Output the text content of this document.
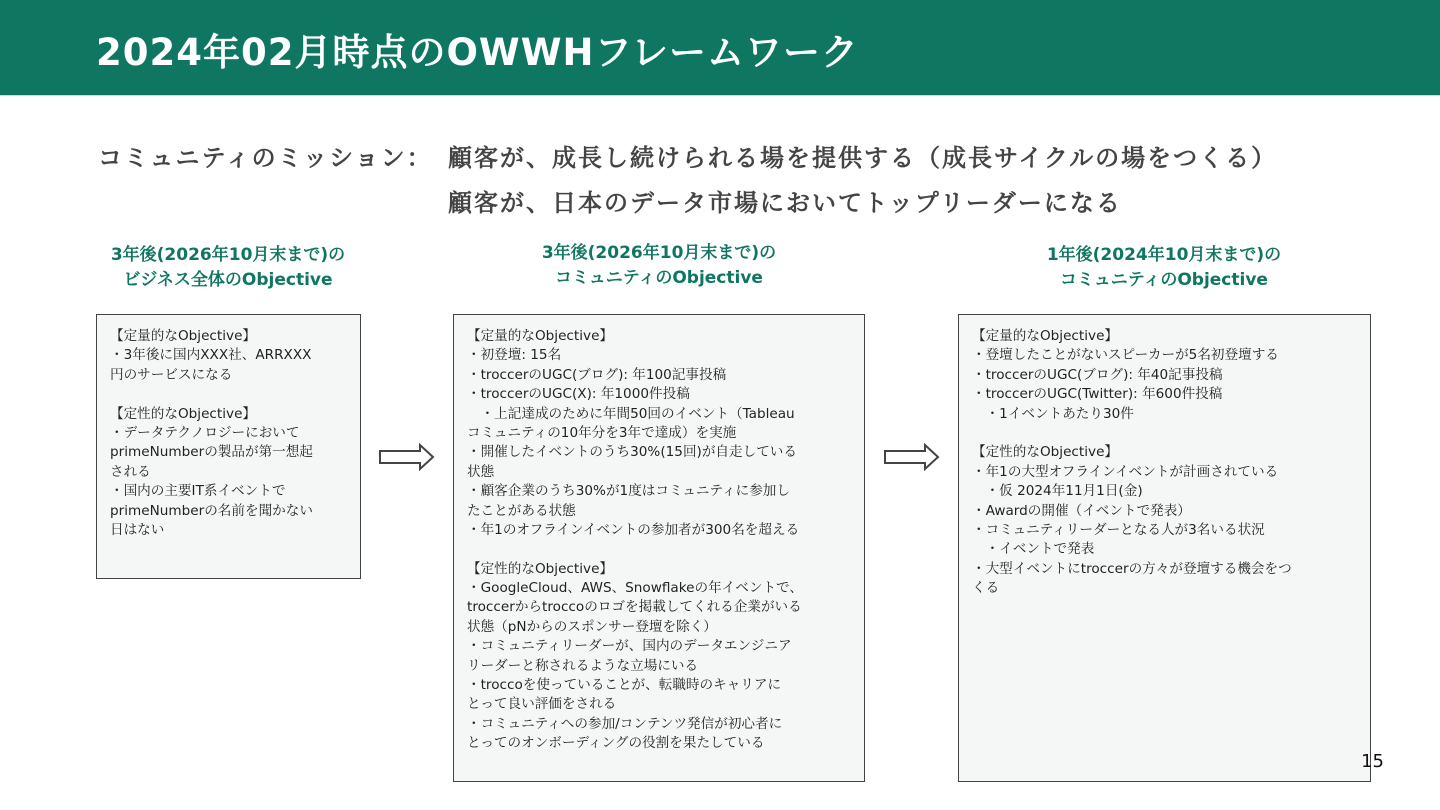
2024年02月時点のOWWHフレームワーク
コミュニティのミッション： 顧客が、成長し続けられる場を提供する（成長サイクルの場をつくる）
顧客が、日本のデータ市場においてトップリーダーになる
3年後(2026年10月末まで)の
ビジネス全体のObjective
【定量的なObjective】
・3年後に国内XXX社、ARRXXX
円のサービスになる
【定性的なObjective】
・データテクノロジーにおいて
primeNumberの製品が第一想起
される
・国内の主要IT系イベントで
primeNumberの名前を聞かない
日はない
3年後(2026年10月末まで)の
コミュニティのObjective
【定量的なObjective】
・初登壇: 15名
・troccerのUGC(ブログ): 年100記事投稿
・troccerのUGC(X): 年1000件投稿
　・上記達成のために年間50回のイベント（Tableau
コミュニティの10年分を3年で達成）を実施
・開催したイベントのうち30%(15回)が自走している
状態
・顧客企業のうち30%が1度はコミュニティに参加し
たことがある状態
・年1のオフラインイベントの参加者が300名を超える
【定性的なObjective】
・GoogleCloud、AWS、Snowflakeの年イベントで、
troccerからtroccoのロゴを掲載してくれる企業がいる
状態（pNからのスポンサー登壇を除く）
・コミュニティリーダーが、国内のデータエンジニア
リーダーと称されるような立場にいる
・troccoを使っていることが、転職時のキャリアに
とって良い評価をされる
・コミュニティへの参加/コンテンツ発信が初心者に
とってのオンボーディングの役割を果たしている
1年後(2024年10月末まで)の
コミュニティのObjective
【定量的なObjective】
・登壇したことがないスピーカーが5名初登壇する
・troccerのUGC(ブログ): 年40記事投稿
・troccerのUGC(Twitter): 年600件投稿
　・1イベントあたり30件
【定性的なObjective】
・年1の大型オフラインイベントが計画されている
　・仮 2024年11月1日(金)
・Awardの開催（イベントで発表）
・コミュニティリーダーとなる人が3名いる状況
　・イベントで発表
・大型イベントにtroccerの方々が登壇する機会をつ
くる
15
